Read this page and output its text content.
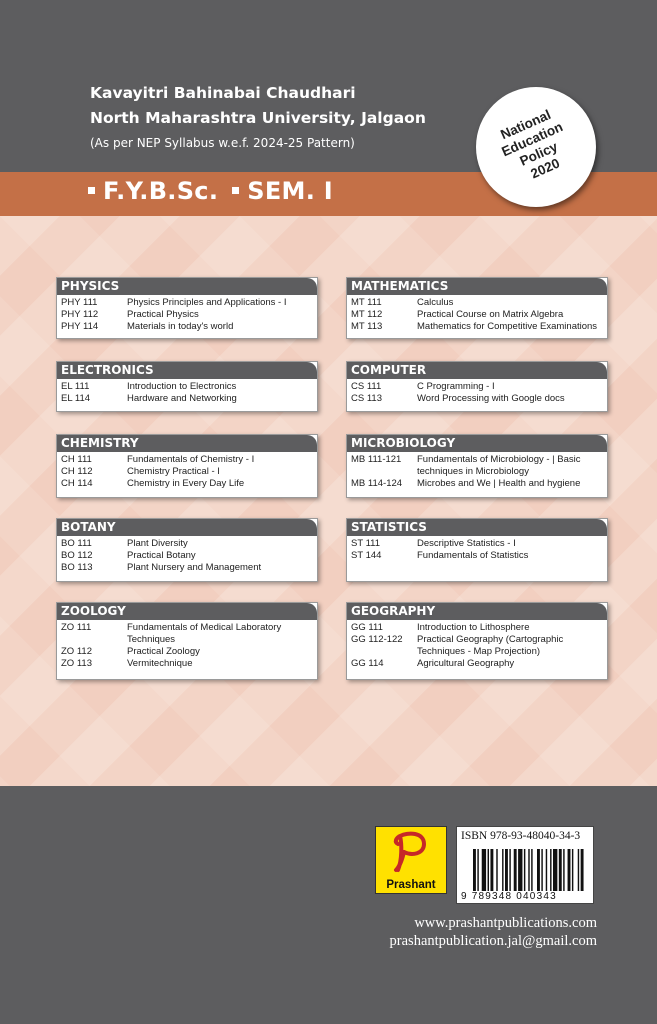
Kavayitri Bahinabai Chaudhari
North Maharashtra University, Jalgaon
(As per NEP Syllabus w.e.f. 2024-25 Pattern)
National
Education
Policy
2020
F.Y.B.Sc. SEM. I
PHYSICS
PHY 111	Physics Principles and Applications - I
PHY 112	Practical Physics
PHY 114	Materials in today's world
MATHEMATICS
MT 111	Calculus
MT 112	Practical Course on Matrix Algebra
MT 113	Mathematics for Competitive Examinations
ELECTRONICS
EL 111	Introduction to Electronics
EL 114	Hardware and Networking
COMPUTER
CS 111	C Programming - I
CS 113	Word Processing with Google docs
CHEMISTRY
CH 111	Fundamentals of Chemistry - I
CH 112	Chemistry Practical - I
CH 114	Chemistry in Every Day Life
MICROBIOLOGY
MB 111-121	Fundamentals of Microbiology - | Basic techniques in Microbiology
MB 114-124	Microbes and We | Health and hygiene
BOTANY
BO 111	Plant Diversity
BO 112	Practical Botany
BO 113	Plant Nursery and Management
STATISTICS
ST 111	Descriptive Statistics - I
ST 144	Fundamentals of Statistics
ZOOLOGY
ZO 111	Fundamentals of Medical Laboratory Techniques
ZO 112	Practical Zoology
ZO 113	Vermitechnique
GEOGRAPHY
GG 111	Introduction to Lithosphere
GG 112-122	Practical Geography (Cartographic Techniques - Map Projection)
GG 114	Agricultural Geography
Prashant
ISBN 978-93-48040-34-3
9 789348 040343
www.prashantpublications.com
prashantpublication.jal@gmail.com
